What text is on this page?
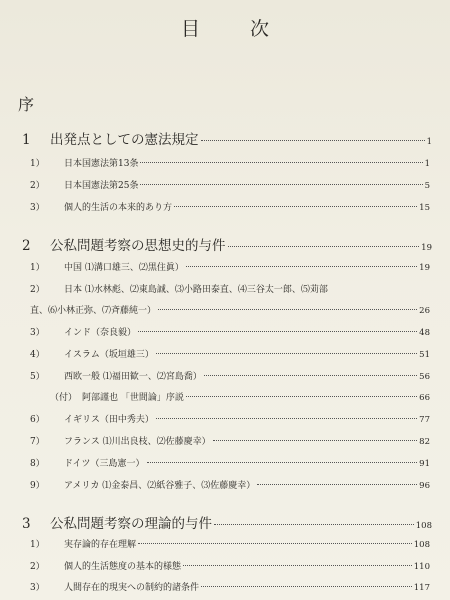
目 次
序
1	出発点としての憲法規定	1
1）	日本国憲法第13条	1
2）	日本国憲法第25条	5
3）	個人的生活の本来的あり方	15
2	公私問題考察の思想史的与件	19
1）	中国 ⑴溝口雄三、⑵黒住眞）	19
2）	日本 ⑴水林彪、⑵東島誠、⑶小路田泰直、⑷三谷太一郎、⑸苅部
直、⑹小林正弥、⑺斉藤純一）	26
3）	インド（奈良毅）	48
4）	イスラム（坂垣雄三）	51
5）	西欧一般 ⑴福田歓一、⑵宮島喬）	56
（付） 阿部謹也 「世間論」序説	66
6）	イギリス（田中秀夫）	77
7）	フランス ⑴川出良枝、⑵佐藤慶幸）	82
8）	ドイツ（三島憲一）	91
9）	アメリカ ⑴金泰昌、⑵紙谷雅子、⑶佐藤慶幸）	96
3	公私問題考察の理論的与件	108
1）	実存論的存在理解	108
2）	個人的生活態度の基本的様態	110
3）	人間存在的現実への制約的諸条件	117
